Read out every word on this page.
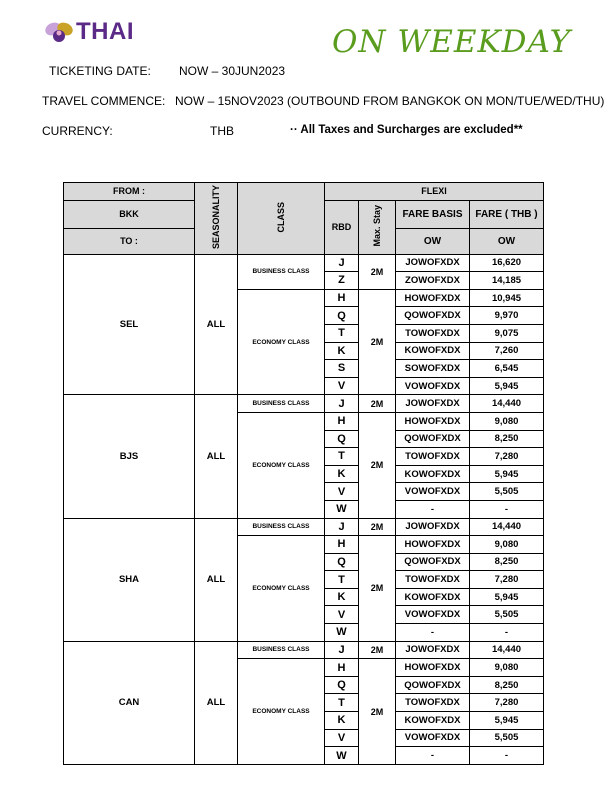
THAI	ON WEEKDAY
TICKETING DATE: NOW – 30JUN2023
TRAVEL COMMENCE: NOW – 15NOV2023 (OUTBOUND FROM BANGKOK ON MON/TUE/WED/THU)
CURRENCY:	THB	·· All Taxes and Surcharges are excluded**
FROM :	SEASONALITY	CLASS	FLEXI			
BKK			RBD	Max. Stay	FARE BASIS	FARE ( THB )

TO :					OW	OW
SEL	ALL	BUSINESS CLASS	J	2M	JOWOFXDX	16,620
			Z		ZOWOFXDX	14,185
		ECONOMY CLASS	H	2M	HOWOFXDX	10,945
			Q		QOWOFXDX	9,970
			T		TOWOFXDX	9,075
			K		KOWOFXDX	7,260
			S		SOWOFXDX	6,545
			V		VOWOFXDX	5,945
BJS	ALL	BUSINESS CLASS	J	2M	JOWOFXDX	14,440
		ECONOMY CLASS	H	2M	HOWOFXDX	9,080
			Q		QOWOFXDX	8,250
			T		TOWOFXDX	7,280
			K		KOWOFXDX	5,945
			V		VOWOFXDX	5,505
			W		-	-
SHA	ALL	BUSINESS CLASS	J	2M	JOWOFXDX	14,440
		ECONOMY CLASS	H	2M	HOWOFXDX	9,080
			Q		QOWOFXDX	8,250
			T		TOWOFXDX	7,280
			K		KOWOFXDX	5,945
			V		VOWOFXDX	5,505
			W		-	-
CAN	ALL	BUSINESS CLASS	J	2M	JOWOFXDX	14,440
		ECONOMY CLASS	H	2M	HOWOFXDX	9,080
			Q		QOWOFXDX	8,250
			T		TOWOFXDX	7,280
			K		KOWOFXDX	5,945
			V		VOWOFXDX	5,505
			W		-	-
